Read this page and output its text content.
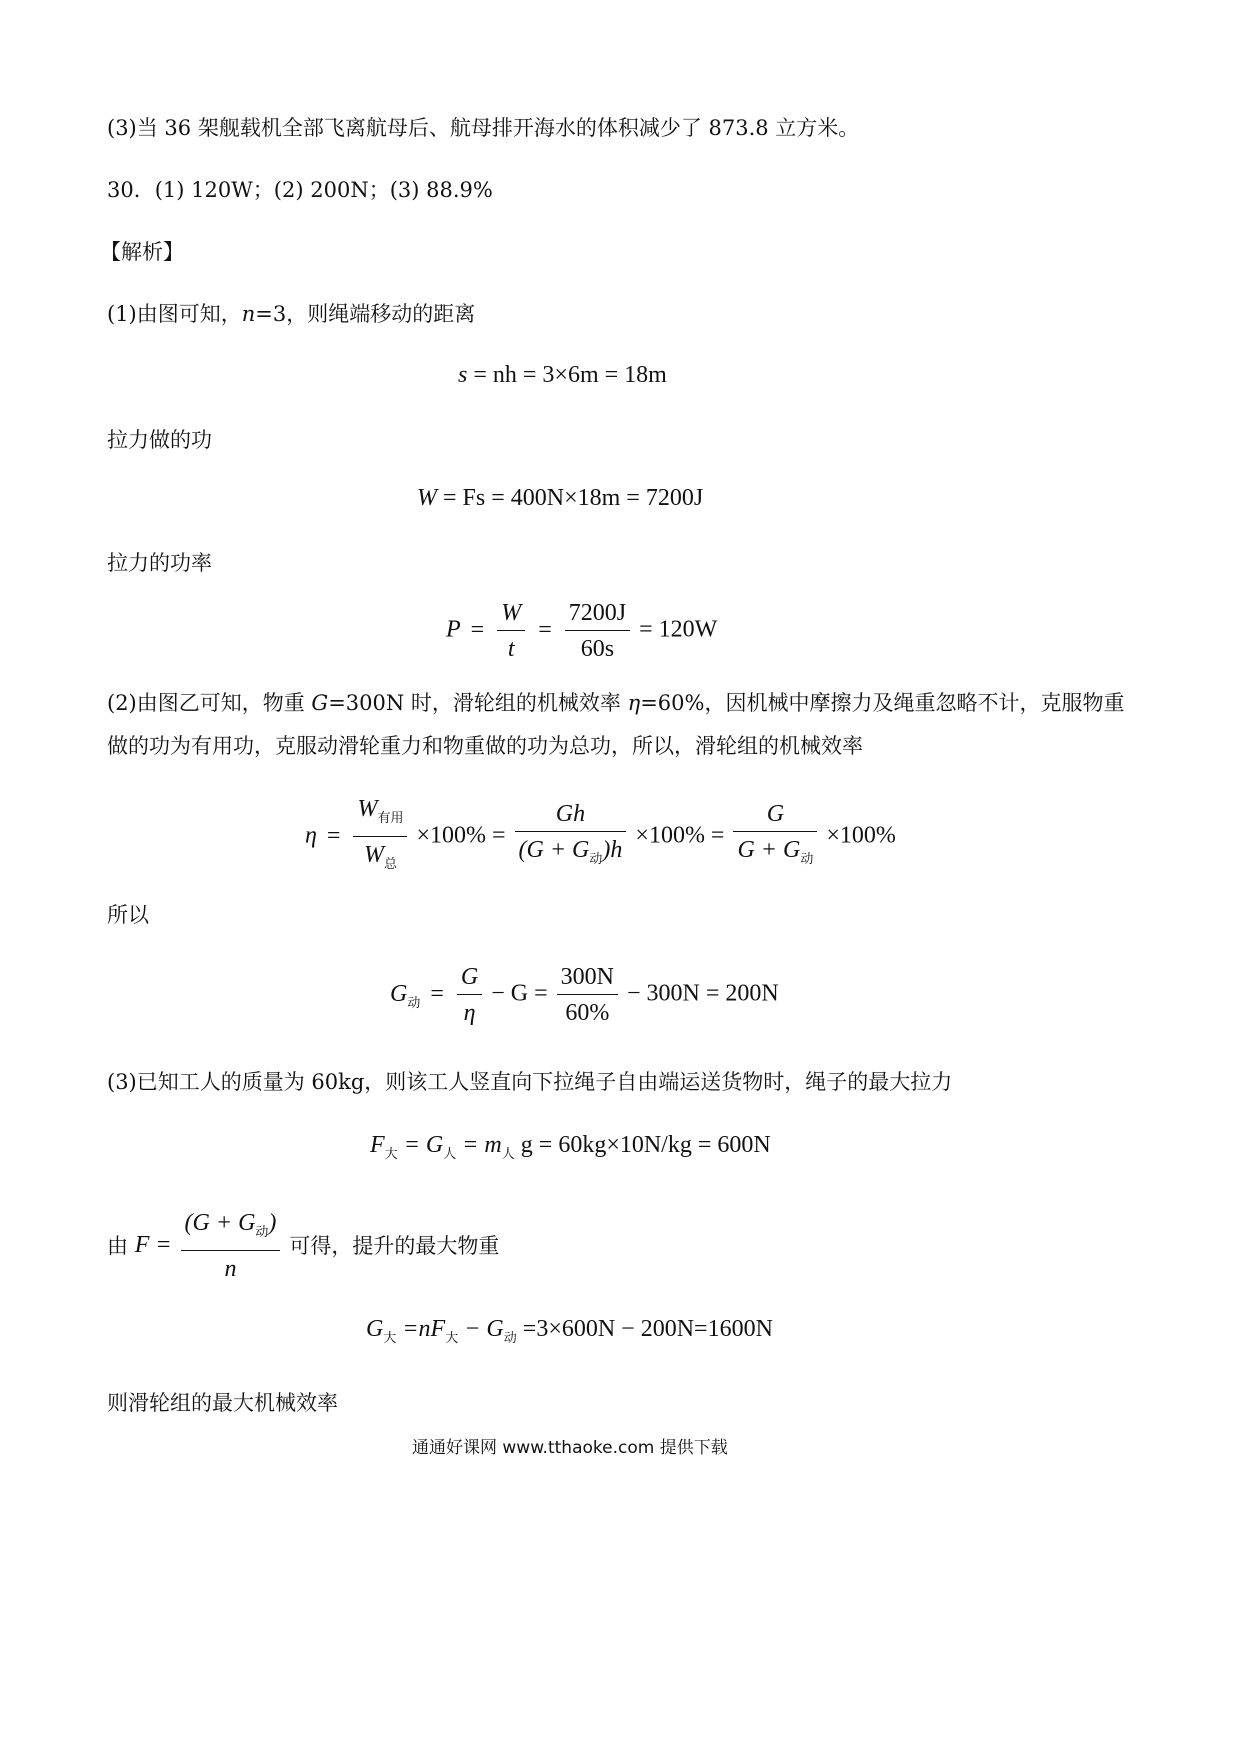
(3)当 36 架舰载机全部飞离航母后、航母排开海水的体积减少了 873.8 立方米。
30．(1) 120W；(2) 200N；(3) 88.9%
【解析】
(1)由图可知，n=3，则绳端移动的距离
s = nh = 3×6m = 18m
拉力做的功
W = Fs = 400N×18m = 7200J
拉力的功率
$P = \frac{W}{t} = \frac{7200J}{60s} = 120W$
(2)由图乙可知，物重 G=300N 时，滑轮组的机械效率 η=60%，因机械中摩擦力及绳重忽略不计，克服物重
做的功为有用功，克服动滑轮重力和物重做的功为总功，所以，滑轮组的机械效率
$\eta = \frac{W_{有用}}{W_总} \times 100\% = \frac{Gh}{(G + G_动)h} \times 100\% = \frac{G}{G + G_动} \times 100\%$
所以
$G_动 = \frac{G}{\eta} - G = \frac{300N}{60\%} - 300N = 200N$
(3)已知工人的质量为 60kg，则该工人竖直向下拉绳子自由端运送货物时，绳子的最大拉力
$F_大 = G_人 = m_人$ g = 60kg×10N/kg = 600N
由 $F = \frac{(G + G_动)}{n}$ 可得，提升的最大物重
$G_大 =nF_大 - G_动 =3\times 600N - 200N=1600N$
则滑轮组的最大机械效率
通通好课网 www.tthaoke.com 提供下载
